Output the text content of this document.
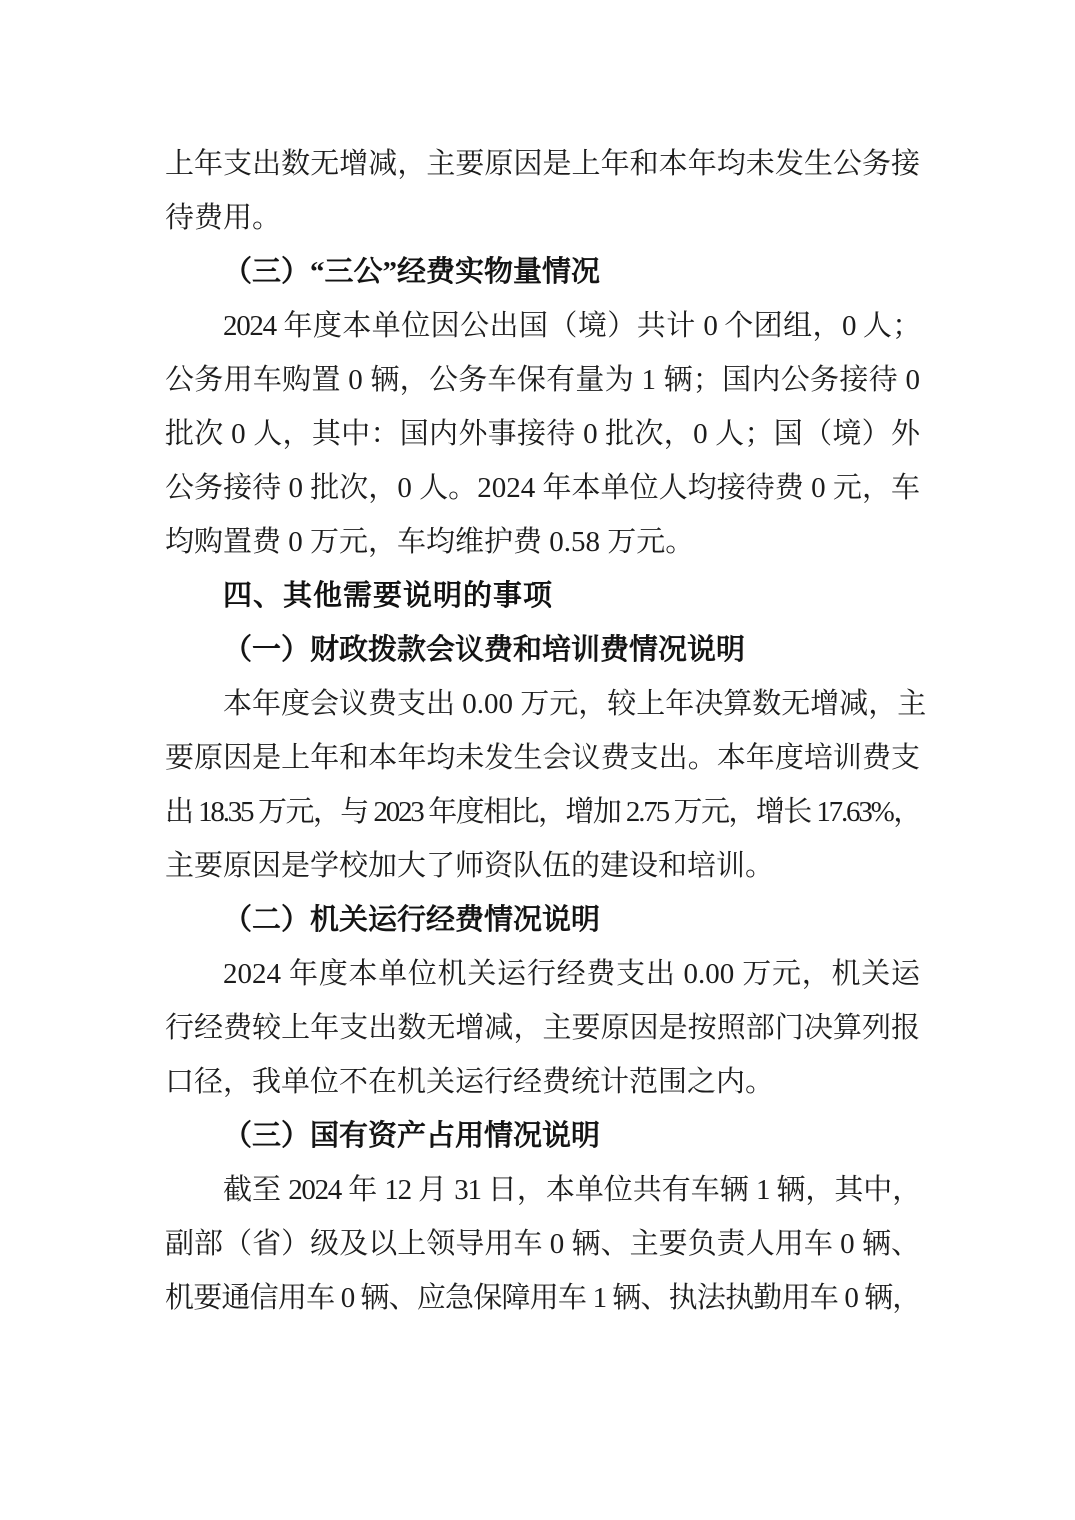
上年支出数无增减，主要原因是上年和本年均未发生公务接
待费用。
（三）“三公”经费实物量情况
2024 年度本单位因公出国（境）共计 0 个团组，0 人；
公务用车购置 0 辆，公务车保有量为 1 辆；国内公务接待 0
批次 0 人，其中：国内外事接待 0 批次，0 人；国（境）外
公务接待 0 批次，0 人。2024 年本单位人均接待费 0 元，车
均购置费 0 万元，车均维护费 0.58 万元。
四、其他需要说明的事项
（一）财政拨款会议费和培训费情况说明
本年度会议费支出 0.00 万元，较上年决算数无增减，主
要原因是上年和本年均未发生会议费支出。本年度培训费支
出 18.35 万元，与 2023 年度相比，增加 2.75 万元，增长 17.63%，
主要原因是学校加大了师资队伍的建设和培训。
（二）机关运行经费情况说明
2024 年度本单位机关运行经费支出 0.00 万元，机关运
行经费较上年支出数无增减，主要原因是按照部门决算列报
口径，我单位不在机关运行经费统计范围之内。
（三）国有资产占用情况说明
截至 2024 年 12 月 31 日，本单位共有车辆 1 辆，其中，
副部（省）级及以上领导用车 0 辆、主要负责人用车 0 辆、
机要通信用车 0 辆、应急保障用车 1 辆、执法执勤用车 0 辆，
